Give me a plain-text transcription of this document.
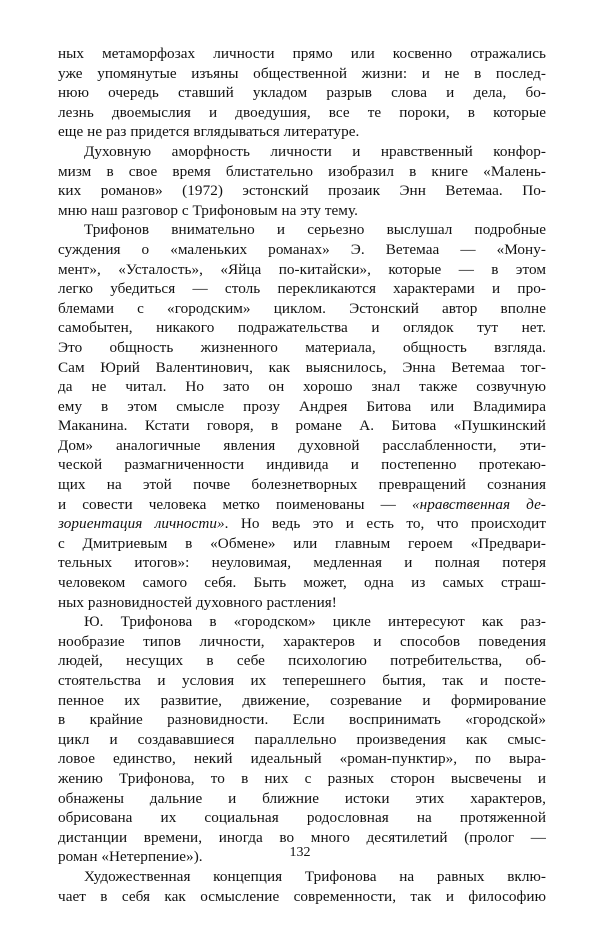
ных метаморфозах личности прямо или косвенно отражались
уже упомянутые изъяны общественной жизни: и не в послед-
нюю очередь ставший укладом разрыв слова и дела, бо-
лезнь двоемыслия и двоедушия, все те пороки, в которые
еще не раз придется вглядываться литературе.
Духовную аморфность личности и нравственный конфор-
мизм в свое время блистательно изобразил в книге «Малень-
ких романов» (1972) эстонский прозаик Энн Ветемаа. По-
мню наш разговор с Трифоновым на эту тему.
Трифонов внимательно и серьезно выслушал подробные
суждения о «маленьких романах» Э. Ветемаа — «Мону-
мент», «Усталость», «Яйца по-китайски», которые — в этом
легко убедиться — столь перекликаются характерами и про-
блемами с «городским» циклом. Эстонский автор вполне
самобытен, никакого подражательства и оглядок тут нет.
Это общность жизненного материала, общность взгляда.
Сам Юрий Валентинович, как выяснилось, Энна Ветемаа тог-
да не читал. Но зато он хорошо знал также созвучную
ему в этом смысле прозу Андрея Битова или Владимира
Маканина. Кстати говоря, в романе А. Битова «Пушкинский
Дом» аналогичные явления духовной расслабленности, эти-
ческой размагниченности индивида и постепенно протекаю-
щих на этой почве болезнетворных превращений сознания
и совести человека метко поименованы — «нравственная де-
зориентация личности». Но ведь это и есть то, что происходит
с Дмитриевым в «Обмене» или главным героем «Предвари-
тельных итогов»: неуловимая, медленная и полная потеря
человеком самого себя. Быть может, одна из самых страш-
ных разновидностей духовного растления!
Ю. Трифонова в «городском» цикле интересуют как раз-
нообразие типов личности, характеров и способов поведения
людей, несущих в себе психологию потребительства, об-
стоятельства и условия их теперешнего бытия, так и посте-
пенное их развитие, движение, созревание и формирование
в крайние разновидности. Если воспринимать «городской»
цикл и создававшиеся параллельно произведения как смыс-
ловое единство, некий идеальный «роман-пунктир», по выра-
жению Трифонова, то в них с разных сторон высвечены и
обнажены дальние и ближние истоки этих характеров,
обрисована их социальная родословная на протяженной
дистанции времени, иногда во много десятилетий (пролог —
роман «Нетерпение»).
Художественная концепция Трифонова на равных вклю-
чает в себя как осмысление современности, так и философию
132
